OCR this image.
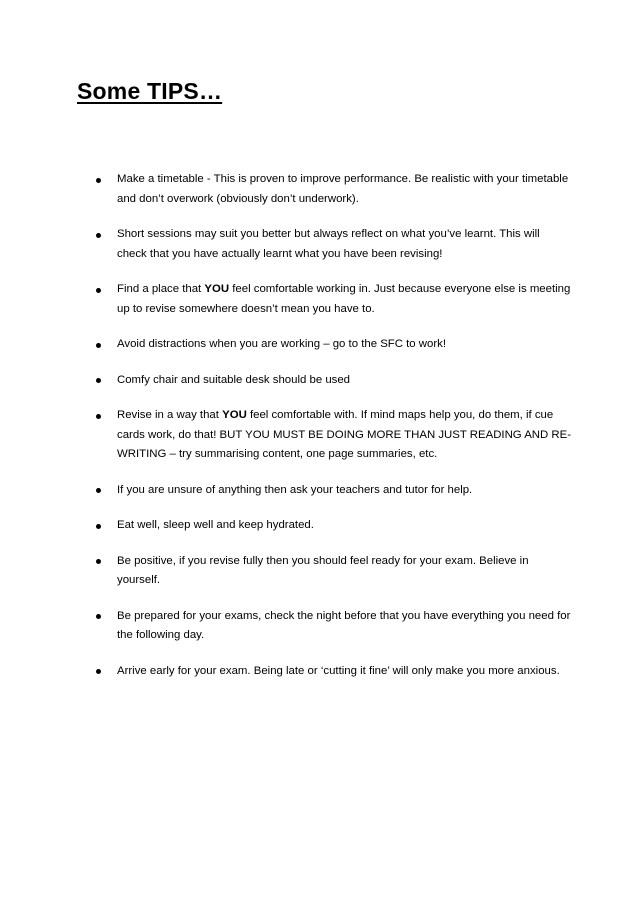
Some TIPS…
Make a timetable - This is proven to improve performance. Be realistic with your timetable and don’t overwork (obviously don’t underwork).
Short sessions may suit you better but always reflect on what you’ve learnt. This will check that you have actually learnt what you have been revising!
Find a place that YOU feel comfortable working in. Just because everyone else is meeting up to revise somewhere doesn’t mean you have to.
Avoid distractions when you are working – go to the SFC to work!
Comfy chair and suitable desk should be used
Revise in a way that YOU feel comfortable with. If mind maps help you, do them, if cue cards work, do that! BUT YOU MUST BE DOING MORE THAN JUST READING AND RE-WRITING – try summarising content, one page summaries, etc.
If you are unsure of anything then ask your teachers and tutor for help.
Eat well, sleep well and keep hydrated.
Be positive, if you revise fully then you should feel ready for your exam. Believe in yourself.
Be prepared for your exams, check the night before that you have everything you need for the following day.
Arrive early for your exam. Being late or ‘cutting it fine’ will only make you more anxious.
